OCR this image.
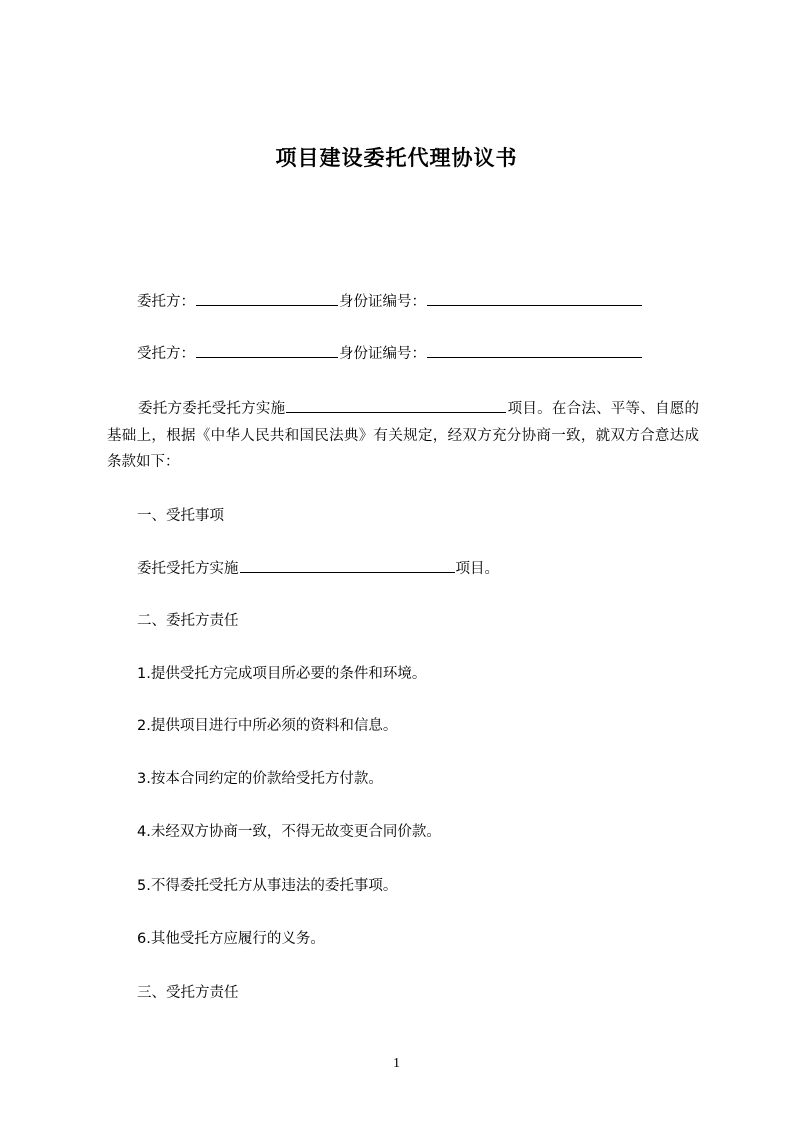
项目建设委托代理协议书
委托方：	身份证编号：
受托方：	身份证编号：

委托方委托受托方实施	项目。在合法、平等、自愿的基础上，根据《中华人民共和国民法典》有关规定，经双方充分协商一致，就双方合意达成条款如下：

一、受托事项
委托受托方实施	项目。
二、委托方责任
1.提供受托方完成项目所必要的条件和环境。
2.提供项目进行中所必须的资料和信息。
3.按本合同约定的价款给受托方付款。
4.未经双方协商一致，不得无故变更合同价款。
5.不得委托受托方从事违法的委托事项。
6.其他受托方应履行的义务。
三、受托方责任
1
